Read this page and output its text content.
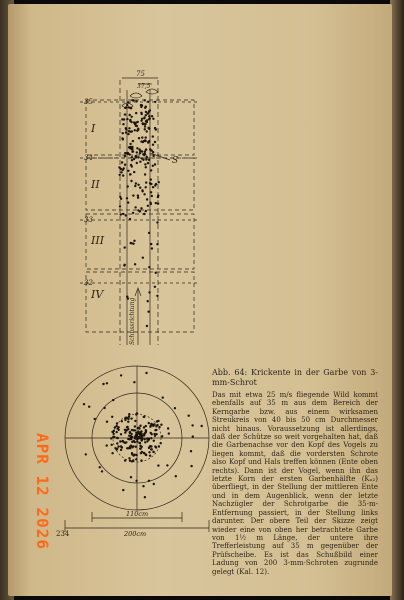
75
37,5
35
34
33
32
I
II
III
IV
S
Schussrichtung
110cm
200cm
Abb. 64: Krickente in der Garbe von 3-mm-Schrot
Das mit etwa 25 m/s fliegende Wild kommt ebenfalls auf 35 m aus dem Bereich der Kerngarbe bzw. aus einem wirksamen Streukreis von 40 bis 50 cm Durchmesser nicht hinaus. Voraussetzung ist allerdings, daß der Schütze so weit vorgehalten hat, daß die Garbenachse vor den Kopf des Vogels zu liegen kommt, daß die vordersten Schrote also Kopf und Hals treffen können (Ente oben rechts). Dann ist der Vogel, wenn ihn das letzte Korn der ersten Garbenhälfte (Kᵤ₂) überfliegt, in der Stellung der mittleren Ente und in dem Augenblick, wenn der letzte Nachzügler der Schrotgarbe die 35-m-Entfernung passiert, in der Stellung links darunter. Der obere Teil der Skizze zeigt wieder eine von oben her betrachtete Garbe von 1½ m Länge, der untere ihre Trefferleistung auf 35 m gegenüber der Prüfscheibe. Es ist das Schußbild einer Ladung von 200 3-mm-Schroten zugrunde gelegt (Kal. 12).
234
APR 12 2026
